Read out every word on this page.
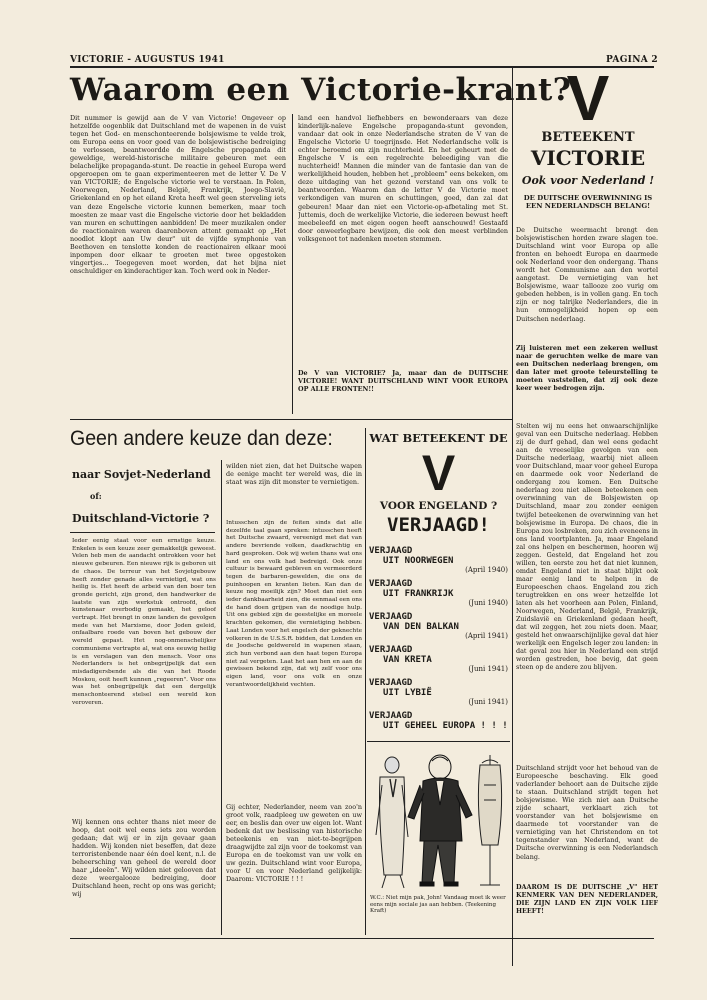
VICTORIE - AUGUSTUS 1941	PAGINA 2
Waarom een Victorie-krant?
Dit nummer is gewijd aan de V van Victorie! Ongeveer op hetzelfde oogenblik dat Duitschland met de wapenen in de vuist tegen het God- en menschonteerende bolsjewisme te velde trok, om Europa eens en voor goed van de bolsjewistische bedreiging te verlossen, beantwoordde de Engelsche propaganda dit geweldige, wereld-historische militaire gebeuren met een belachelijke propaganda-stunt. De reactie in geheel Europa werd opgeroepen om te gaan experimenteeren met de letter V. De V van VICTORIE; de Engelsche victorie wel te verstaan. In Polen, Noorwegen, Nederland, België, Frankrijk, Joego-Slavië, Griekenland en op het eiland Kreta heeft wel geen sterveling iets van deze Engelsche victorie kunnen bemerken, maar toch moesten ze maar vast die Engelsche victorie door het bekladden van muren en schuttingen aanbidden! De meer muzikalen onder de reactionairen waren daarenboven attent gemaakt op „Het noodlot klopt aan Uw deur" uit de vijfde symphonie van Beethoven en tenslotte konden de reactionairen elkaar mooi inpompen door elkaar te groeten met twee opgestoken vingertjes... Toegegeven moet worden, dat het bijna niet onschuldiger en kinderachtiger kan. Toch werd ook in Neder-
land een handvol liefhebbers en bewonderaars van deze kinderlijk-naïeve Engelsche propaganda-stunt gevonden, vandaar dat ook in onze Nederlandsche straten de V van de Engelsche Victorie U toegrijnsde. Het Nederlandsche volk is echter beroemd om zijn nuchterheid. En het geheurt met de Engelsche V is een regelrechte beleediging van die nuchterheid! Mannen die minder van de fantasie dan van de werkelijkheid houden, hebben het „probleem" eens bekeken, om deze uitdaging van het gezond verstand van ons volk te beantwoorden. Waarom dan de letter V de Victorie moet verkondigen van muren en schuttingen, goed, dan zal dat gebeuren! Maar dan niet een Victorie-op-afbetaling met St. Juttemis, doch de werkelijke Victorie, die iedereen bewust heeft meebeleefd en met eigen oogen heeft aanschouwd! Gestaafd door onweerlegbare bewijzen, die ook den meest verblinden volksgenoot tot nadenken moeten stemmen.
De V van VICTORIE? Ja, maar dan de DUITSCHE VICTORIE! WANT DUITSCHLAND WINT VOOR EUROPA OP ALLE FRONTEN!!
V
BETEEKENT
VICTORIE
Ook voor Nederland !
DE DUITSCHE OVERWINNING IS EEN NEDERLANDSCH BELANG!
De Duitsche weermacht brengt den bolsjewistischen horden zware slagen toe. Duitschland wint voor Europa op alle fronten en behoedt Europa en daarmede ook Nederland voor den ondergang. Thans wordt het Communisme aan den wortel aangetast. De vernietiging van het Bolsjewisme, waar tallooze zoo vurig om gebeden hebben, is in vollen gang. En toch zijn er nog talrijke Nederlanders, die in hun onmogelijkheid hopen op een Duitschen nederlaag.
Zij luisteren met een zekeren wellust naar de geruchten welke de mare van een Duitschen nederlaag brengen, om dan later met groote teleurstelling te moeten vaststellen, dat zij ook deze keer weer bedrogen zijn.
Stelten wij nu eens het onwaarschijnlijke geval van een Duitsche nederlaag. Hebben zij de durf gehad, dan wel eens gedacht aan de vreeselijke gevolgen van een Duitsche nederlaag, waarbij niet alleen voor Duitschland, maar voor geheel Europa en daarmede ook voor Nederland de ondergang zou komen. Een Duitsche nederlaag zou niet alleen beteekenen een overwinning van de Bolsjewisten op Duitschland, maar zou zonder eenigen twijfel beteekenen de overwinning van het bolsjewisme in Europa. De chaos, die in Europa zou losbreken, zou zich eveneens in ons land voortplanten. Ja, maar Engeland zal ons helpen en beschermen, hooren wij zeggen. Gesteld, dat Engeland het zou willen, ten eerste zou het dat niet kunnen, omdat Engeland niet in staat blijkt ook maar eenig land te helpen in de Europeeschen chaos. Engeland zou zich terugtrekken en ons weer hetzelfde lot laten als het voorheen aan Polen, Finland, Noorwegen, Nederland, België, Frankrijk, Zuidslavië en Griekenland gedaan heeft, dat wil zeggen, het zou niets doen. Maar, gesteld het onwaarschijnlijke geval dat hier werkelijk een Engelsch leger zou landen: in dat geval zou hier in Nederland een strijd worden gestreden, hoe bevig, dat geen steen op de andere zou blijven.
Duitschland strijdt voor het behoud van de Europeesche beschaving. Elk goed vaderlander behoort aan de Duitsche zijde te staan. Duitschland strijdt tegen het bolsjewisme. Wie zich niet aan Duitsche zijde schaart, verklaart zich tot voorstander van het bolsjewisme en daarmede tot voorstander van de vernietiging van het Christendom en tot tegenstander van Nederland, want de Duitsche overwinning is een Nederlandsch belang.
DAAROM IS DE DUITSCHE „V" HET KENMERK VAN DEN NEDERLANDER, DIE ZIJN LAND EN ZIJN VOLK LIEF HEEFT!
Geen andere keuze dan deze:
naar Sovjet-Nederland
of:
Duitschland-Victorie ?
Ieder eenig staat voor een ernstige keuze. Enkelen is een keuze zeer gemakkelijk geweest. Velen heb men de aandacht ontrokken voor het nieuwe gebeuren. Een nieuwe rijk is geboren uit de chaos. De terreur van het Sovjetgebouw heeft zonder genade alles vernietigd, wat ons heilig is. Het heeft de arbeid van den boer ten gronde gericht, zijn grond, den handwerker de laatste van zijn werkstuk ontroofd, den kunstenaar overbodig gemaakt, het geloof vertrapt. Het brengt in onze landen de gevolgen mede van het Marxisme, door Joden geleid, onfaalbare roede van boven het gebouw der wereld gepast. Het nog-onmenschelijker communisme vertrapte al, wat ons eeuwig heilig is en verslagen van den mensch. Voor ons Nederlanders is het onbegrijpelijk dat een misdadigersbende als die van het Roode Moskou, ooit heeft kunnen „regeeren". Voor ons was het onbegrijpelijk dat een dergelijk menschonteerend stelsel een wereld kon veroveren.
Wij kennen ons echter thans niet meer de hoop, dat ooit wel eens iets zou worden gedaan; dat wij er in zijn gevaar gaan hadden. Wij konden niet beseffen, dat deze terroristenbende naar één doel kent, n.l. de beheersching van geheel de wereld door haar „ideeën". Wij wilden niet gelooven dat deze weergalooze bedreiging, door Duitschland heen, recht op ons was gericht; wij
wilden niet zien, dat het Duitsche wapen de eenige macht ter wereld was, die in staat was zijn dit monster te vernietigen.
Intusschen zijn de feiten sinds dat alle dezelfde taal gaan spreken: intusschen heeft het Duitsche zwaard, vereenigd met dat van andere bevriende volken, daadkrachtig en hard gesproken. Ook wij weten thans wat ons land en ons volk had bedreigd. Ook onze cultuur is bewaard gebleven en vermeerderd tegen de barbaren-gewelden, die ons de puinhoopen en kranten lieten. Kan dan de keuze nog moeilijk zijn? Moet dan niet een ieder dankbaarheid zien, die eenmaal een ons de hand doen grijpen van de noodige hulp. Uit ons gebied zijn de geestelijke en moreele krachten gekomen, die vernietiging hebben. Laat Londen voor het engelsch der geknechte volkeren in de U.S.S.R. bidden, dat Londen en de Joodsche geldwereld in wapenen staan, zich hun verbond aan den haat tegen Europa niet zal vergeten. Laat het aan hen en aan de gewissen bekend zijn, dat wij zelf voor ons eigen land, voor ons volk en onze verantwoordelijkheid vechten.
Gij echter, Nederlander, neem van zoo'n groot volk, raadpleeg uw geweten en uw eer, en beslis dan over uw eigen lot. Want bedenk dat uw beslissing van historische beteekenis en van niet-te-begrijpen draagwijdte zal zijn voor de toekomst van Europa en de toekomst van uw volk en uw gezin. Duitschland wint voor Europa, voor U en voor Nederland gelijkelijk: Daarom: VICTORIE ! ! !
WAT BETEEKENT DE
V
VOOR ENGELAND ?
VERJAAGD!
VERJAAGD
UIT NOORWEGEN
(April 1940)
VERJAAGD
UIT FRANKRIJK
(Juni 1940)
VERJAAGD
VAN DEN BALKAN
(April 1941)
VERJAAGD
VAN KRETA
(Juni 1941)
VERJAAGD
UIT LYBIË
(Juni 1941)
VERJAAGD
UIT GEHEEL EUROPA ! ! !
W.C.: Niet mijn pak, John! Vandaag moet ik weer eens mijn sociale jas aan hebben. (Teekening Kraft)
